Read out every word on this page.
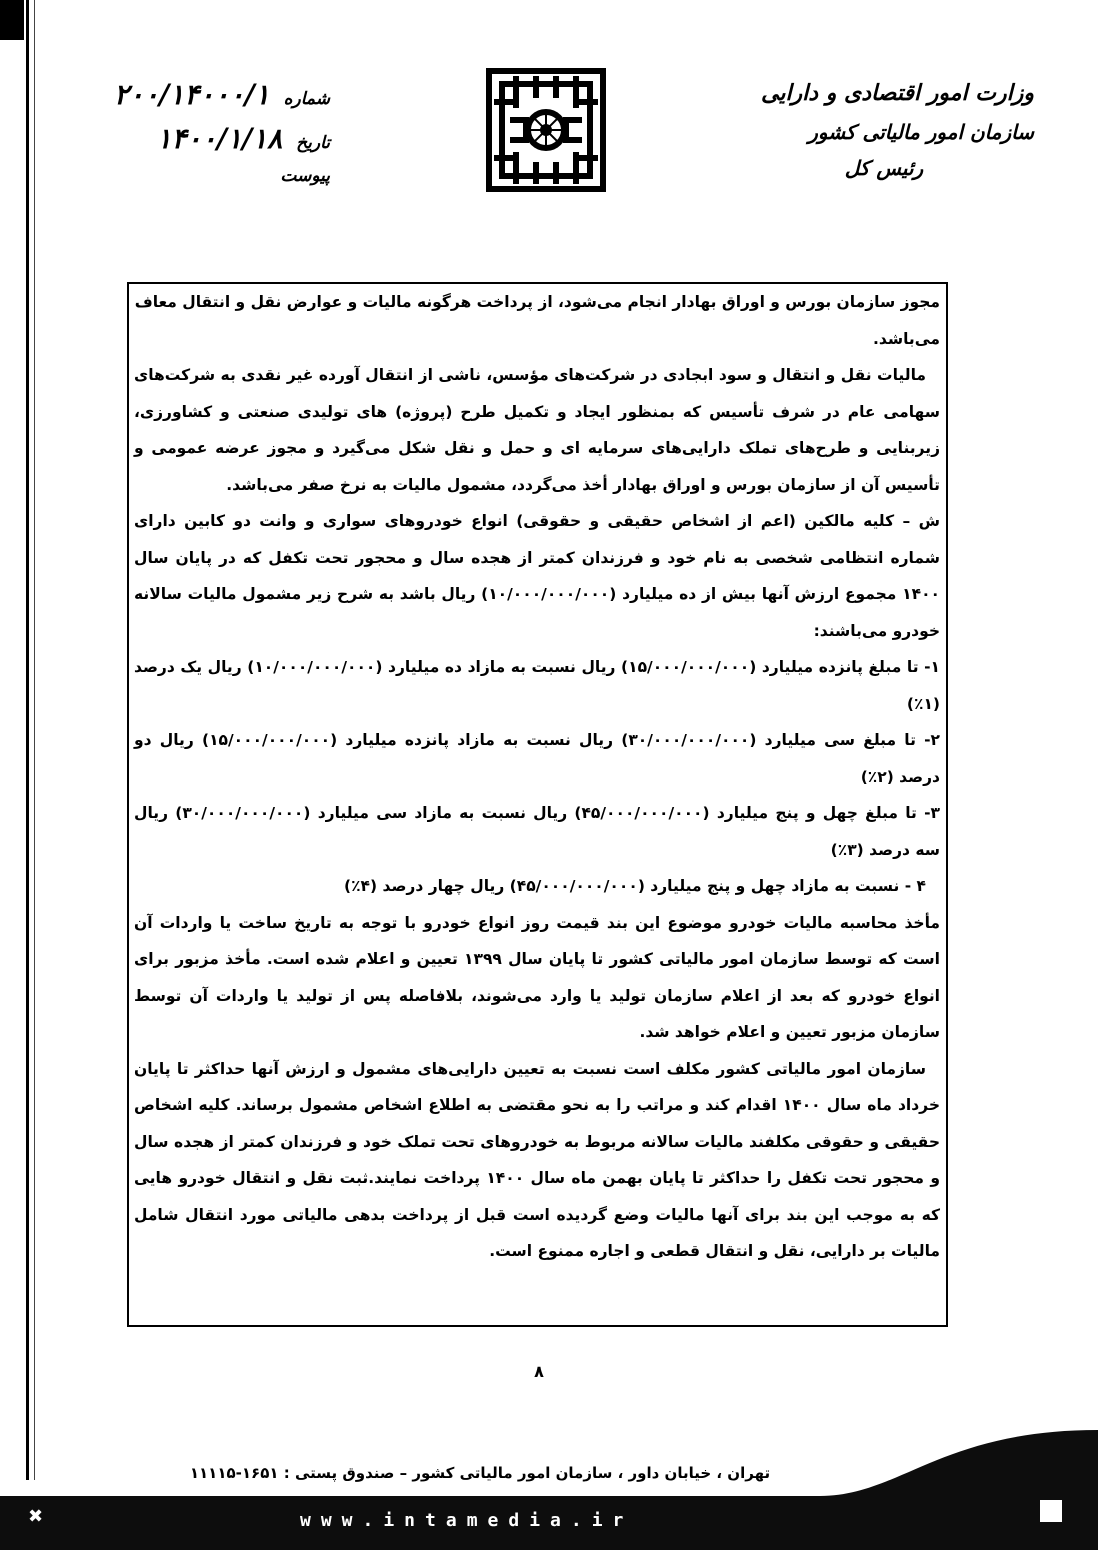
وزارت امور اقتصادی و دارایی
سازمان امور مالیاتی کشور
رئیس کل
شماره
۲۰۰/۱۴۰۰۰/۱
تاریخ
۱۴۰۰/۱/۱۸
پیوست

مجوز سازمان بورس و اوراق بهادار انجام می‌شود، از پرداخت هرگونه مالیات و عوارض نقل و انتقال معاف می‌باشد.

مالیات نقل و انتقال و سود ابجادی در شرکت‌های مؤسس، ناشی از انتقال آورده غیر نقدی به شرکت‌های سهامی عام در شرف تأسیس که بمنظور ایجاد و تکمیل طرح (پروژه) های تولیدی صنعتی و کشاورزی، زیربنایی و طرح‌های تملک دارایی‌های سرمایه ای و حمل و نقل شکل می‌گیرد و مجوز عرضه عمومی و تأسیس آن از سازمان بورس و اوراق بهادار أخذ می‌گردد، مشمول مالیات به نرخ صفر می‌باشد.

ش – کلیه مالکین (اعم از اشخاص حقیقی و حقوقی) انواع خودروهای سواری و وانت دو کابین دارای شماره انتظامی شخصی به نام خود و فرزندان کمتر از هجده سال و محجور تحت تکفل که در پایان سال ۱۴۰۰ مجموع ارزش آنها بیش از ده میلیارد (۱۰/۰۰۰/۰۰۰/۰۰۰) ریال باشد به شرح زیر مشمول مالیات سالانه خودرو می‌باشند:

۱- تا مبلغ پانزده میلیارد (۱۵/۰۰۰/۰۰۰/۰۰۰) ریال نسبت به مازاد ده میلیارد (۱۰/۰۰۰/۰۰۰/۰۰۰) ریال یک درصد (۱٪)

۲- تا مبلغ سی میلیارد (۳۰/۰۰۰/۰۰۰/۰۰۰) ریال نسبت به مازاد پانزده میلیارد (۱۵/۰۰۰/۰۰۰/۰۰۰) ریال دو درصد (۲٪)

۳- تا مبلغ چهل و پنج میلیارد (۴۵/۰۰۰/۰۰۰/۰۰۰) ریال نسبت به مازاد سی میلیارد (۳۰/۰۰۰/۰۰۰/۰۰۰) ریال سه درصد (۳٪)

۴ - نسبت به مازاد چهل و پنج میلیارد (۴۵/۰۰۰/۰۰۰/۰۰۰) ریال چهار درصد (۴٪)

مأخذ محاسبه مالیات خودرو موضوع این بند قیمت روز انواع خودرو با توجه به تاریخ ساخت یا واردات آن است که توسط سازمان امور مالیاتی کشور تا پایان سال ۱۳۹۹ تعیین و اعلام شده است. مأخذ مزبور برای انواع خودرو که بعد از اعلام سازمان تولید یا وارد می‌شوند، بلافاصله پس از تولید یا واردات آن توسط سازمان مزبور تعیین و اعلام خواهد شد.

سازمان امور مالیاتی کشور مکلف است نسبت به تعیین دارایی‌های مشمول و ارزش آنها حداکثر تا پایان خرداد ماه سال ۱۴۰۰ اقدام کند و مراتب را به نحو مقتضی به اطلاع اشخاص مشمول برساند. کلیه اشخاص حقیقی و حقوقی مکلفند مالیات سالانه مربوط به خودروهای تحت تملک خود و فرزندان کمتر از هجده سال و محجور تحت تکفل را حداکثر تا پایان بهمن ماه سال ۱۴۰۰ پرداخت نمایند.ثبت نقل و انتقال خودرو هایی که به موجب این بند برای آنها مالیات وضع گردیده است قبل از پرداخت بدهی مالیاتی مورد انتقال شامل مالیات بر دارایی، نقل و انتقال قطعی و اجاره ممنوع است.

۸
تهران ، خیابان داور ، سازمان امور مالیاتی کشور – صندوق پستی : ۱۶۵۱-۱۱۱۱۵
✖	www.intamedia.ir
